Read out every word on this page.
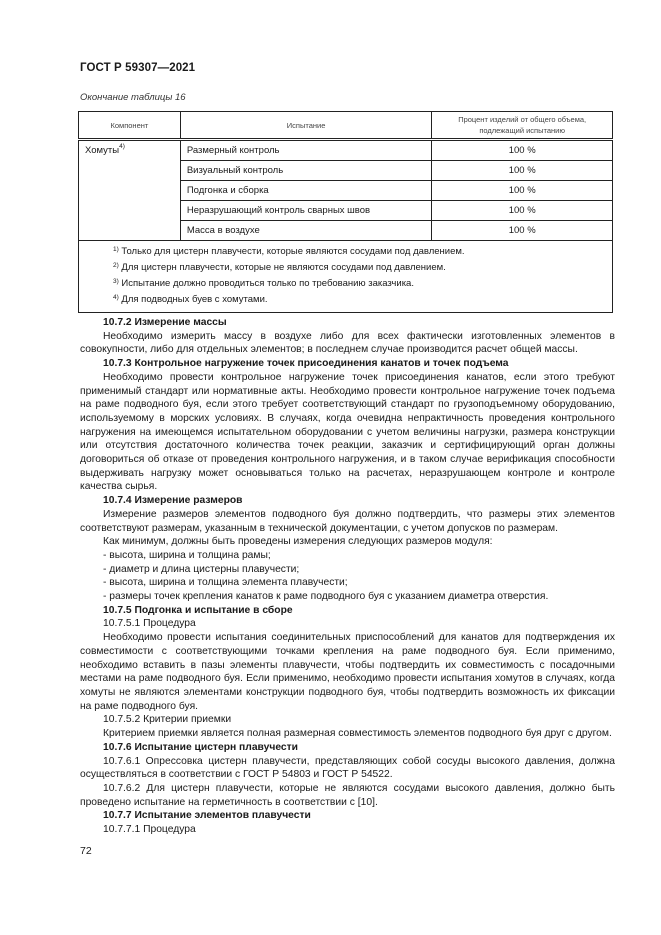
ГОСТ Р 59307—2021
Окончание таблицы 16
Компонент	Испытание	Процент изделий от общего объема, подлежащий испытанию
Хомуты$^{4)}$	Размерный контроль	100 %
	Визуальный контроль	100 %
	Подгонка и сборка	100 %
	Неразрушающий контроль сварных швов	100 %
	Масса в воздухе	100 %

$^{1)}$ Только для цистерн плавучести, которые являются сосудами под давлением.
$^{2)}$ Для цистерн плавучести, которые не являются сосудами под давлением.
$^{3)}$ Испытание должно проводиться только по требованию заказчика.
$^{4)}$ Для подводных буев с хомутами.		

10.7.2 Измерение массы

Необходимо измерить массу в воздухе либо для всех фактически изготовленных элементов в совокупности, либо для отдельных элементов; в последнем случае производится расчет общей массы.

10.7.3 Контрольное нагружение точек присоединения канатов и точек подъема

Необходимо провести контрольное нагружение точек присоединения канатов, если этого требуют применимый стандарт или нормативные акты. Необходимо провести контрольное нагружение точек подъема на раме подводного буя, если этого требует соответствующий стандарт по грузоподъемному оборудованию, используемому в морских условиях. В случаях, когда очевидна непрактичность проведения контрольного нагружения на имеющемся испытательном оборудовании с учетом величины нагрузки, размера конструкции или отсутствия достаточного количества точек реакции, заказчик и сертифицирующий орган должны договориться об отказе от проведения контрольного нагружения, и в таком случае верификация способности выдерживать нагрузку может основываться только на расчетах, неразрушающем контроле и контроле качества сырья.

10.7.4 Измерение размеров

Измерение размеров элементов подводного буя должно подтвердить, что размеры этих элементов соответствуют размерам, указанным в технической документации, с учетом допусков по размерам.

Как минимум, должны быть проведены измерения следующих размеров модуля:

- высота, ширина и толщина рамы;

- диаметр и длина цистерны плавучести;

- высота, ширина и толщина элемента плавучести;

- размеры точек крепления канатов к раме подводного буя с указанием диаметра отверстия.

10.7.5 Подгонка и испытание в сборе

10.7.5.1 Процедура

Необходимо провести испытания соединительных приспособлений для канатов для подтверждения их совместимости с соответствующими точками крепления на раме подводного буя. Если применимо, необходимо вставить в пазы элементы плавучести, чтобы подтвердить их совместимость с посадочными местами на раме подводного буя. Если применимо, необходимо провести испытания хомутов в случаях, когда хомуты не являются элементами конструкции подводного буя, чтобы подтвердить возможность их фиксации на раме подводного буя.

10.7.5.2 Критерии приемки

Критерием приемки является полная размерная совместимость элементов подводного буя друг с другом.

10.7.6 Испытание цистерн плавучести

10.7.6.1 Опрессовка цистерн плавучести, представляющих собой сосуды высокого давления, должна осуществляться в соответствии с ГОСТ Р 54803 и ГОСТ Р 54522.

10.7.6.2 Для цистерн плавучести, которые не являются сосудами высокого давления, должно быть проведено испытание на герметичность в соответствии с [10].

10.7.7 Испытание элементов плавучести

10.7.7.1 Процедура

72
